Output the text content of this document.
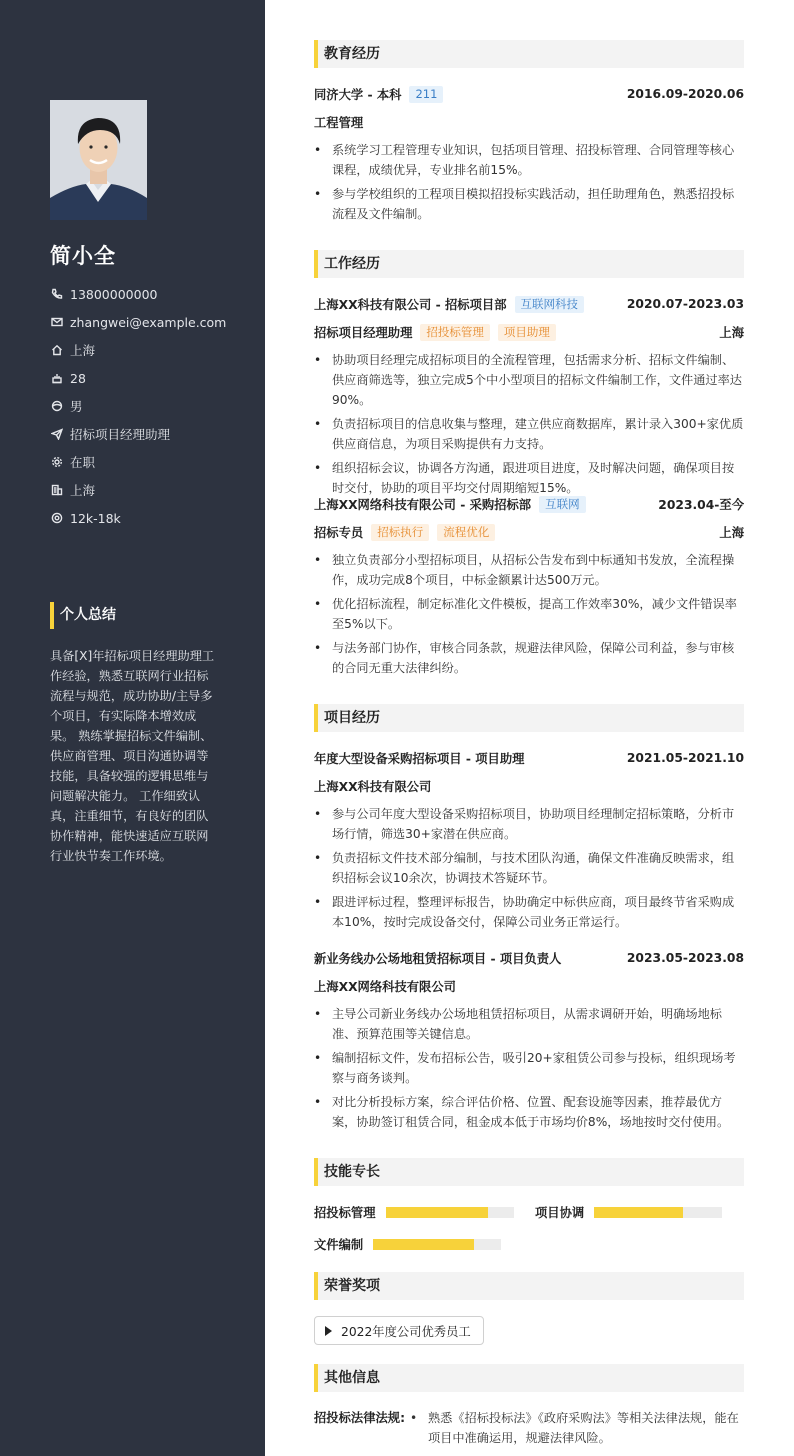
简小全
13800000000
zhangwei@example.com
上海
28
男
招标项目经理助理
在职
上海
12k-18k
个人总结
具备[X]年招标项目经理助理工作经验，熟悉互联网行业招标流程与规范，成功协助/主导多个项目，有实际降本增效成果。 熟练掌握招标文件编制、供应商管理、项目沟通协调等技能，具备较强的逻辑思维与问题解决能力。 工作细致认真，注重细节，有良好的团队协作精神，能快速适应互联网行业快节奏工作环境。
教育经历
同济大学 - 本科	211	2016.09-2020.06
工程管理
• 系统学习工程管理专业知识，包括项目管理、招投标管理、合同管理等核心课程，成绩优异，专业排名前15%。
• 参与学校组织的工程项目模拟招投标实践活动，担任助理角色，熟悉招投标流程及文件编制。
工作经历
上海XX科技有限公司 - 招标项目部	互联网科技	2020.07-2023.03
招标项目经理助理	招投标管理	项目助理	上海
• 协助项目经理完成招标项目的全流程管理，包括需求分析、招标文件编制、供应商筛选等，独立完成5个中小型项目的招标文件编制工作，文件通过率达90%。
• 负责招标项目的信息收集与整理，建立供应商数据库，累计录入300+家优质供应商信息，为项目采购提供有力支持。
• 组织招标会议，协调各方沟通，跟进项目进度，及时解决问题，确保项目按时交付，协助的项目平均交付周期缩短15%。
上海XX网络科技有限公司 - 采购招标部	互联网	2023.04-至今
招标专员	招标执行	流程优化	上海
• 独立负责部分小型招标项目，从招标公告发布到中标通知书发放，全流程操作，成功完成8个项目，中标金额累计达500万元。
• 优化招标流程，制定标准化文件模板，提高工作效率30%，减少文件错误率至5%以下。
• 与法务部门协作，审核合同条款，规避法律风险，保障公司利益，参与审核的合同无重大法律纠纷。
项目经历
年度大型设备采购招标项目 - 项目助理	2021.05-2021.10
上海XX科技有限公司
• 参与公司年度大型设备采购招标项目，协助项目经理制定招标策略，分析市场行情，筛选30+家潜在供应商。
• 负责招标文件技术部分编制，与技术团队沟通，确保文件准确反映需求，组织招标会议10余次，协调技术答疑环节。
• 跟进评标过程，整理评标报告，协助确定中标供应商，项目最终节省采购成本10%，按时完成设备交付，保障公司业务正常运行。
新业务线办公场地租赁招标项目 - 项目负责人	2023.05-2023.08
上海XX网络科技有限公司
• 主导公司新业务线办公场地租赁招标项目，从需求调研开始，明确场地标准、预算范围等关键信息。
• 编制招标文件，发布招标公告，吸引20+家租赁公司参与投标，组织现场考察与商务谈判。
• 对比分析投标方案，综合评估价格、位置、配套设施等因素，推荐最优方案，协助签订租赁合同，租金成本低于市场均价8%，场地按时交付使用。
技能专长
招投标管理	项目协调
文件编制
荣誉奖项
2022年度公司优秀员工
其他信息
招投标法律法规:
•	熟悉《招标投标法》《政府采购法》等相关法律法规，能在项目中准确运用，规避法律风险。
